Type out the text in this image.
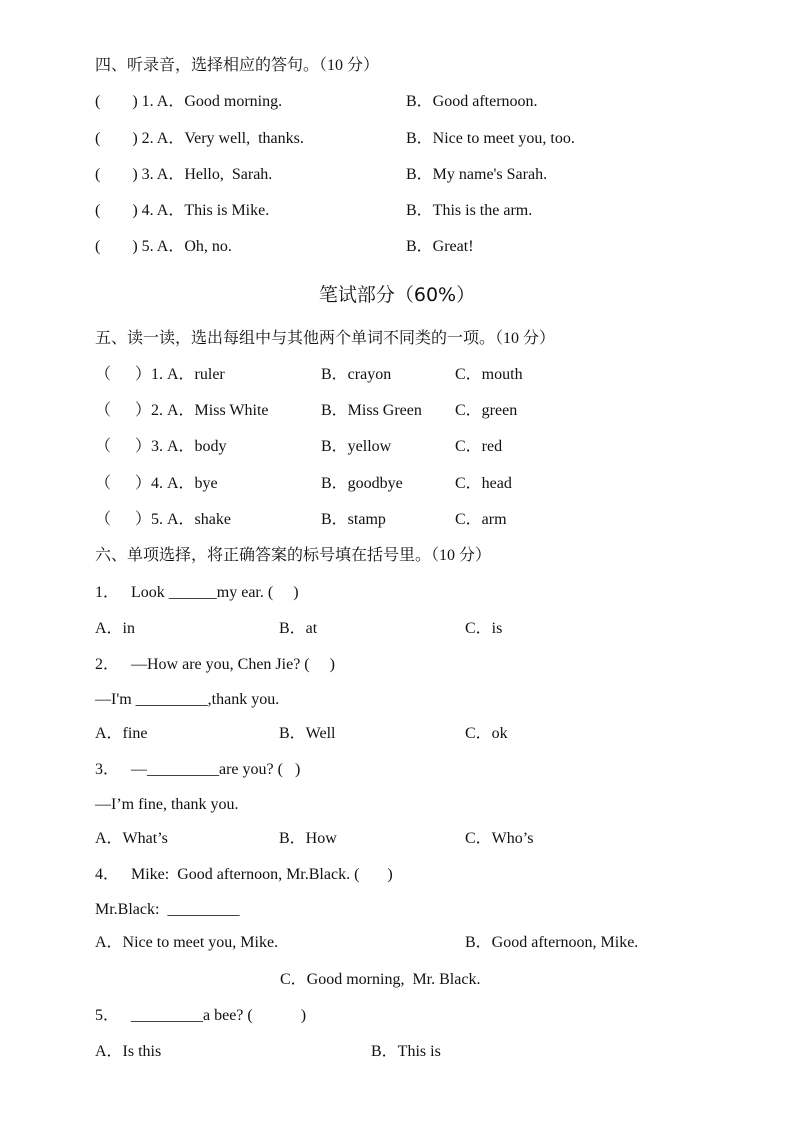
四、听录音，选择相应的答句。（10 分）
(        ) 1. A．Good morning.	B．Good afternoon.
(        ) 2. A．Very well,  thanks.	B．Nice to meet you, too.
(        ) 3. A．Hello,  Sarah.	B．My name's Sarah.
(        ) 4. A．This is Mike.	B．This is the arm.
(        ) 5. A．Oh, no.	B．Great!
笔试部分（60%）
五、读一读，选出每组中与其他两个单词不同类的一项。（10 分）
（      ）1. A．ruler	B．crayon	C．mouth
（      ）2. A．Miss White	B．Miss Green C．green
（      ）3. A．body	B．yellow	C．red
（      ）4. A．bye	B．goodbye	C．head
（      ）5. A．shake	B．stamp	C．arm
六、单项选择，将正确答案的标号填在括号里。（10 分）
1．   Look ______my ear. (     )
A．in	B．at	C．is
2．   —How are you, Chen Jie? (     )
—I'm _________,thank you.
A．fine	B．Well	C．ok
3．   —_________are you? (   )
—I’m fine, thank you.
A．What’s	B．How	C．Who’s
4．   Mike:  Good afternoon, Mr.Black. (       )
Mr.Black:  _________
A．Nice to meet you, Mike.	B．Good afternoon, Mike.
C．Good morning,  Mr. Black.
5．   _________a bee? (            )
A．Is this	B．This is
